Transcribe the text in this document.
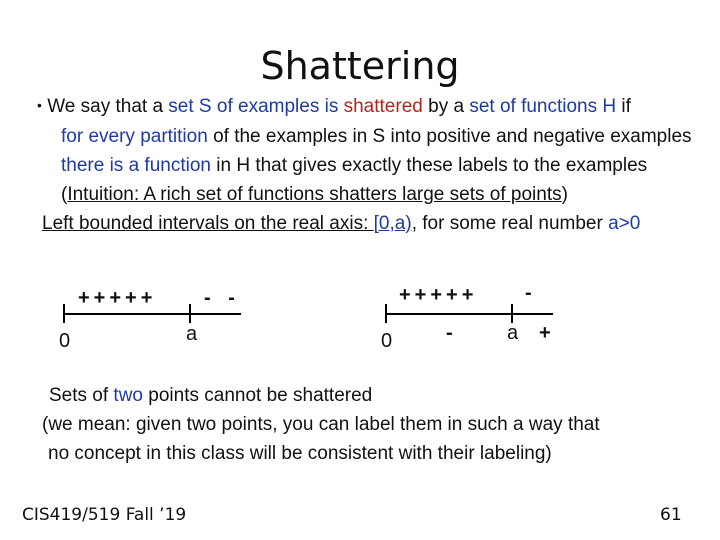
Shattering
• We say that a set S of examples is shattered by a set of functions H if
for every partition of the examples in S into positive and negative examples
there is a function in H that gives exactly these labels to the examples
(Intuition: A rich set of functions shatters large sets of points)
Left bounded intervals on the real axis: [0,a), for some real number a>0
+++++ - -
0	a
+++++ -
0	-	a +
Sets of two points cannot be shattered
(we mean: given two points, you can label them in such a way that
no concept in this class will be consistent with their labeling)
CIS419/519 Fall ’19	61
